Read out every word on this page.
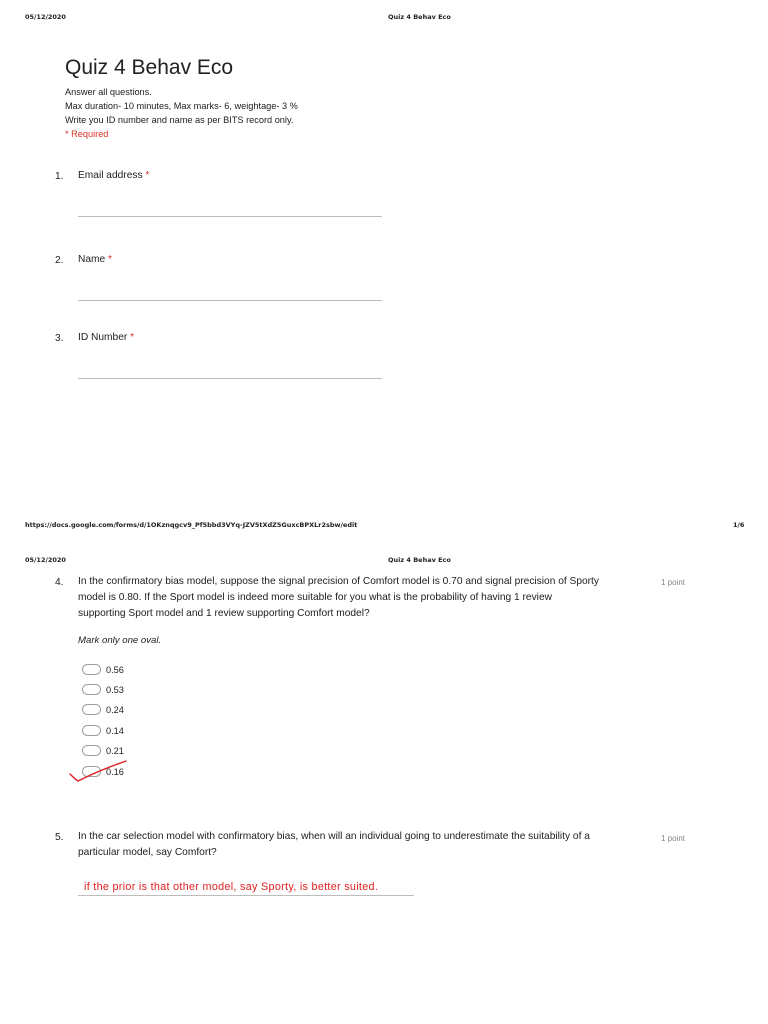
05/12/2020	Quiz 4 Behav Eco
Quiz 4 Behav Eco
Answer all questions.
Max duration- 10 minutes, Max marks- 6, weightage- 3 %
Write you ID number and name as per BITS record only.
* Required
1. Email address *
2. Name *
3. ID Number *
https://docs.google.com/forms/d/1OKznqgcv9_Pf5bbd3VYq-JZV5tXdZ5GuxcBPXLr2sbw/edit	1/6
05/12/2020	Quiz 4 Behav Eco
4. In the confirmatory bias model, suppose the signal precision of Comfort model is 0.70 and signal precision of Sporty
model is 0.80. If the Sport model is indeed more suitable for you what is the probability of having 1 review
supporting Sport model and 1 review supporting Comfort model?
1 point
Mark only one oval.
0.56
0.53
0.24
0.14
0.21
0.16
5. In the car selection model with confirmatory bias, when will an individual going to underestimate the suitability of a
particular model, say Comfort?
1 point
if the prior is that other model, say Sporty, is better suited.
